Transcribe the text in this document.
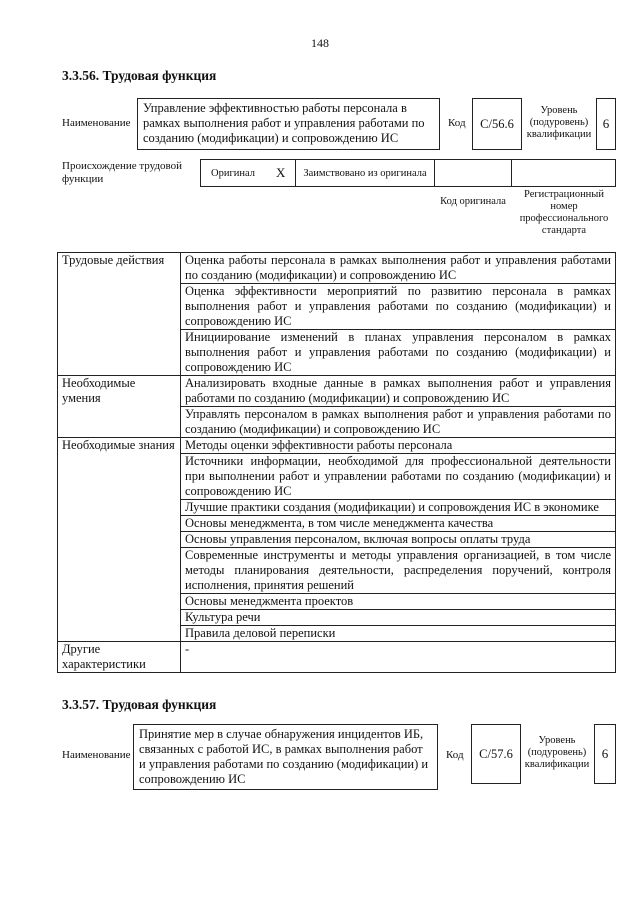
148
3.3.56. Трудовая функция
Наименование
Управление эффективностью работы персонала в рамках выполнения работ и управления работами по созданию (модификации) и сопровождению ИС
Код	C/56.6
Уровень (подуровень) квалификации
6
Происхождение трудовой функции	Оригинал X	Заимствовано из оригинала
Код оригинала
Регистрационный номер профессионального стандарта
Трудовые действия	Оценка работы персонала в рамках выполнения работ и управления работами по созданию (модификации) и сопровождению ИС
	Оценка эффективности мероприятий по развитию персонала в рамках выполнения работ и управления работами по созданию (модификации) и сопровождению ИС
	Инициирование изменений в планах управления персоналом в рамках выполнения работ и управления работами по созданию (модификации) и сопровождению ИС
Необходимые умения	Анализировать входные данные в рамках выполнения работ и управления работами по созданию (модификации) и сопровождению ИС
	Управлять персоналом в рамках выполнения работ и управления работами по созданию (модификации) и сопровождению ИС
Необходимые знания	Методы оценки эффективности работы персонала
	Источники информации, необходимой для профессиональной деятельности при выполнении работ и управлении работами по созданию (модификации) и сопровождению ИС
	Лучшие практики создания (модификации) и сопровождения ИС в экономике
	Основы менеджмента, в том числе менеджмента качества
	Основы управления персоналом, включая вопросы оплаты труда
	Современные инструменты и методы управления организацией, в том числе методы планирования деятельности, распределения поручений, контроля исполнения, принятия решений
	Основы менеджмента проектов
	Культура речи
	Правила деловой переписки
Другие характеристики	-
3.3.57. Трудовая функция
Наименование
Принятие мер в случае обнаружения инцидентов ИБ, связанных с работой ИС, в рамках выполнения работ и управления работами по созданию (модификации) и сопровождению ИС
Код	C/57.6
Уровень (подуровень) квалификации
6
